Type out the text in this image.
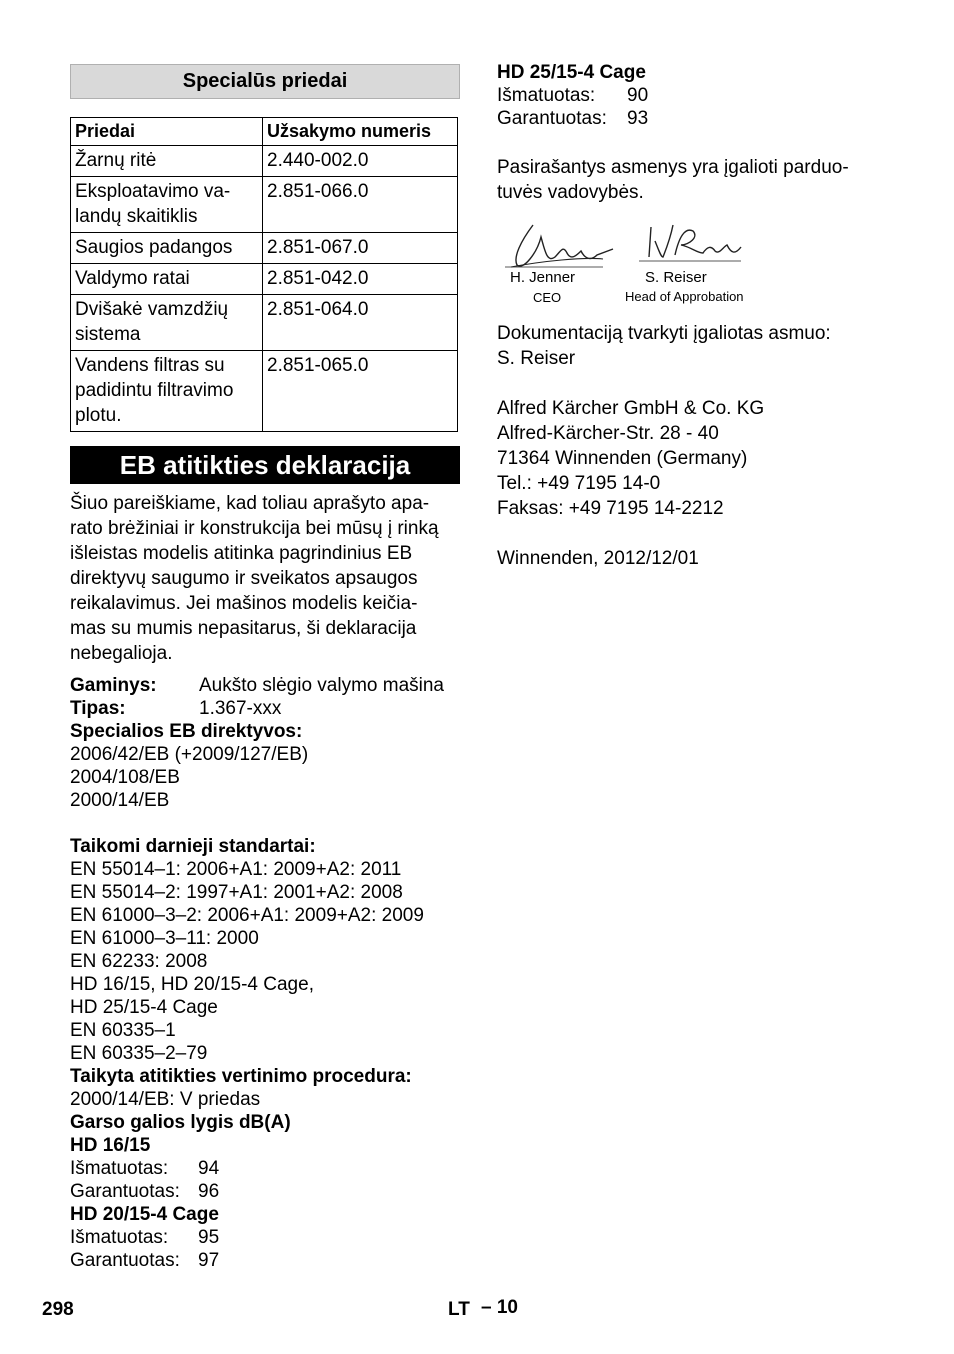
Specialūs priedai
Priedai	Užsakymo numeris
Žarnų ritė	2.440-002.0
Eksploatavimo va-
landų skaitiklis	2.851-066.0
Saugios padangos	2.851-067.0
Valdymo ratai	2.851-042.0
Dvišakė vamzdžių
sistema	2.851-064.0
Vandens filtras su
padidintu filtravimo
plotu.	2.851-065.0
EB atitikties deklaracija
Šiuo pareiškiame, kad toliau aprašyto apa-
rato brėžiniai ir konstrukcija bei mūsų į rinką
išleistas modelis atitinka pagrindinius EB
direktyvų saugumo ir sveikatos apsaugos
reikalavimus. Jei mašinos modelis keičia-
mas su mumis nepasitarus, ši deklaracija
nebegalioja.
Gaminys:	Aukšto slėgio valymo mašina
Tipas:	1.367-xxx
Specialios EB direktyvos:
2006/42/EB (+2009/127/EB)
2004/108/EB
2000/14/EB
Taikomi darnieji standartai:
EN 55014–1: 2006+A1: 2009+A2: 2011
EN 55014–2: 1997+A1: 2001+A2: 2008
EN 61000–3–2: 2006+A1: 2009+A2: 2009
EN 61000–3–11: 2000
EN 62233: 2008
HD 16/15, HD 20/15-4 Cage,
HD 25/15-4 Cage
EN 60335–1
EN 60335–2–79
Taikyta atitikties vertinimo procedura:
2000/14/EB: V priedas
Garso galios lygis dB(A)
HD 16/15
Išmatuotas:	94
Garantuotas: 96
HD 20/15-4 Cage
Išmatuotas:	95
Garantuotas: 97
HD 25/15-4 Cage
Išmatuotas:	90
Garantuotas:	93
Pasirašantys asmenys yra įgalioti parduo-
tuvės vadovybės.
H. Jenner
CEO
S. Reiser
Head of Approbation
Dokumentaciją tvarkyti įgaliotas asmuo:
S. Reiser
Alfred Kärcher GmbH & Co. KG
Alfred-Kärcher-Str. 28 - 40
71364 Winnenden (Germany)
Tel.: +49 7195 14-0
Faksas: +49 7195 14-2212
Winnenden, 2012/12/01
298	LT – 10
